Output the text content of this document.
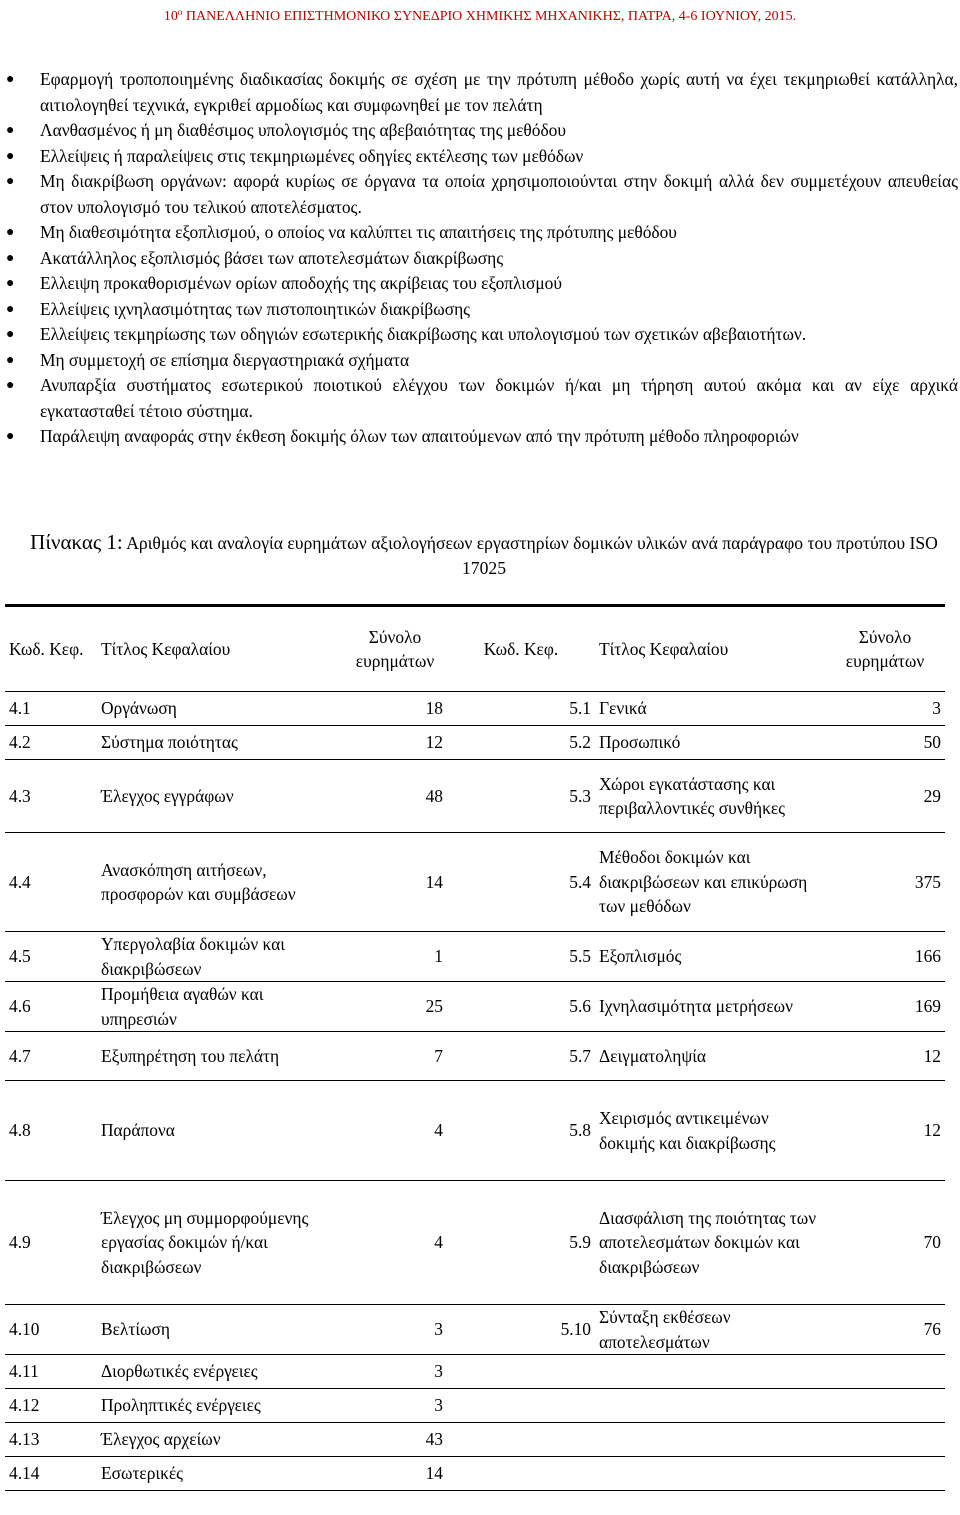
$10^o$ ΠΑΝΕΛΛΗΝΙΟ ΕΠΙΣΤΗΜΟΝΙΚΟ ΣΥΝΕΔΡΙΟ ΧΗΜΙΚΗΣ ΜΗΧΑΝΙΚΗΣ, ΠΑΤΡΑ, 4-6 ΙΟΥΝΙΟΥ, 2015.
● Εφαρμογή τροποποιημένης διαδικασίας δοκιμής σε σχέση με την πρότυπη μέθοδο χωρίς αυτή να έχει τεκμηριωθεί κατάλληλα, αιτιολογηθεί τεχνικά, εγκριθεί αρμοδίως και συμφωνηθεί με τον πελάτη
● Λανθασμένος ή μη διαθέσιμος υπολογισμός της αβεβαιότητας της μεθόδου
● Ελλείψεις ή παραλείψεις στις τεκμηριωμένες οδηγίες εκτέλεσης των μεθόδων
● Μη διακρίβωση οργάνων: αφορά κυρίως σε όργανα τα οποία χρησιμοποιούνται στην δοκιμή αλλά δεν συμμετέχουν απευθείας στον υπολογισμό του τελικού αποτελέσματος.
● Μη διαθεσιμότητα εξοπλισμού, ο οποίος να καλύπτει τις απαιτήσεις της πρότυπης μεθόδου
● Ακατάλληλος εξοπλισμός βάσει των αποτελεσμάτων διακρίβωσης
● Ελλειψη προκαθορισμένων ορίων αποδοχής της ακρίβειας του εξοπλισμού
● Ελλείψεις ιχνηλασιμότητας των πιστοποιητικών διακρίβωσης
● Ελλείψεις τεκμηρίωσης των οδηγιών εσωτερικής διακρίβωσης και υπολογισμού των σχετικών αβεβαιοτήτων.
● Μη συμμετοχή σε επίσημα διεργαστηριακά σχήματα
● Ανυπαρξία συστήματος εσωτερικού ποιοτικού ελέγχου των δοκιμών ή/και μη τήρηση αυτού ακόμα και αν είχε αρχικά εγκατασταθεί τέτοιο σύστημα.
● Παράλειψη αναφοράς στην έκθεση δοκιμής όλων των απαιτούμενων από την πρότυπη μέθοδο πληροφοριών
Πίνακας 1: Αριθμός και αναλογία ευρημάτων αξιολογήσεων εργαστηρίων δομικών υλικών ανά παράγραφο του προτύπου ISO 17025
Κωδ. Κεφ.	Τίτλος Κεφαλαίου	Σύνολο ευρημάτων	Κωδ. Κεφ.	Τίτλος Κεφαλαίου	Σύνολο ευρημάτων
4.1	Οργάνωση	18	5.1	Γενικά	3
4.2	Σύστημα ποιότητας	12	5.2	Προσωπικό	50
4.3	Έλεγχος εγγράφων	48	5.3	Χώροι εγκατάστασης και περιβαλλοντικές συνθήκες	29
4.4	Ανασκόπηση αιτήσεων, προσφορών και συμβάσεων	14	5.4	Μέθοδοι δοκιμών και διακριβώσεων και επικύρωση των μεθόδων	375
4.5	Υπεργολαβία δοκιμών και διακριβώσεων	1	5.5	Εξοπλισμός	166
4.6	Προμήθεια αγαθών και υπηρεσιών	25	5.6	Ιχνηλασιμότητα μετρήσεων	169
4.7	Εξυπηρέτηση του πελάτη	7	5.7	Δειγματοληψία	12
4.8	Παράπονα	4	5.8	Χειρισμός αντικειμένων δοκιμής και διακρίβωσης	12
4.9	Έλεγχος μη συμμορφούμενης εργασίας δοκιμών ή/και διακριβώσεων	4	5.9	Διασφάλιση της ποιότητας των αποτελεσμάτων δοκιμών και διακριβώσεων	70
4.10	Βελτίωση	3	5.10	Σύνταξη εκθέσεων αποτελεσμάτων	76
4.11	Διορθωτικές ενέργειες	3			
4.12	Προληπτικές ενέργειες	3			
4.13	Έλεγχος αρχείων	43			
4.14	Εσωτερικές	14			
